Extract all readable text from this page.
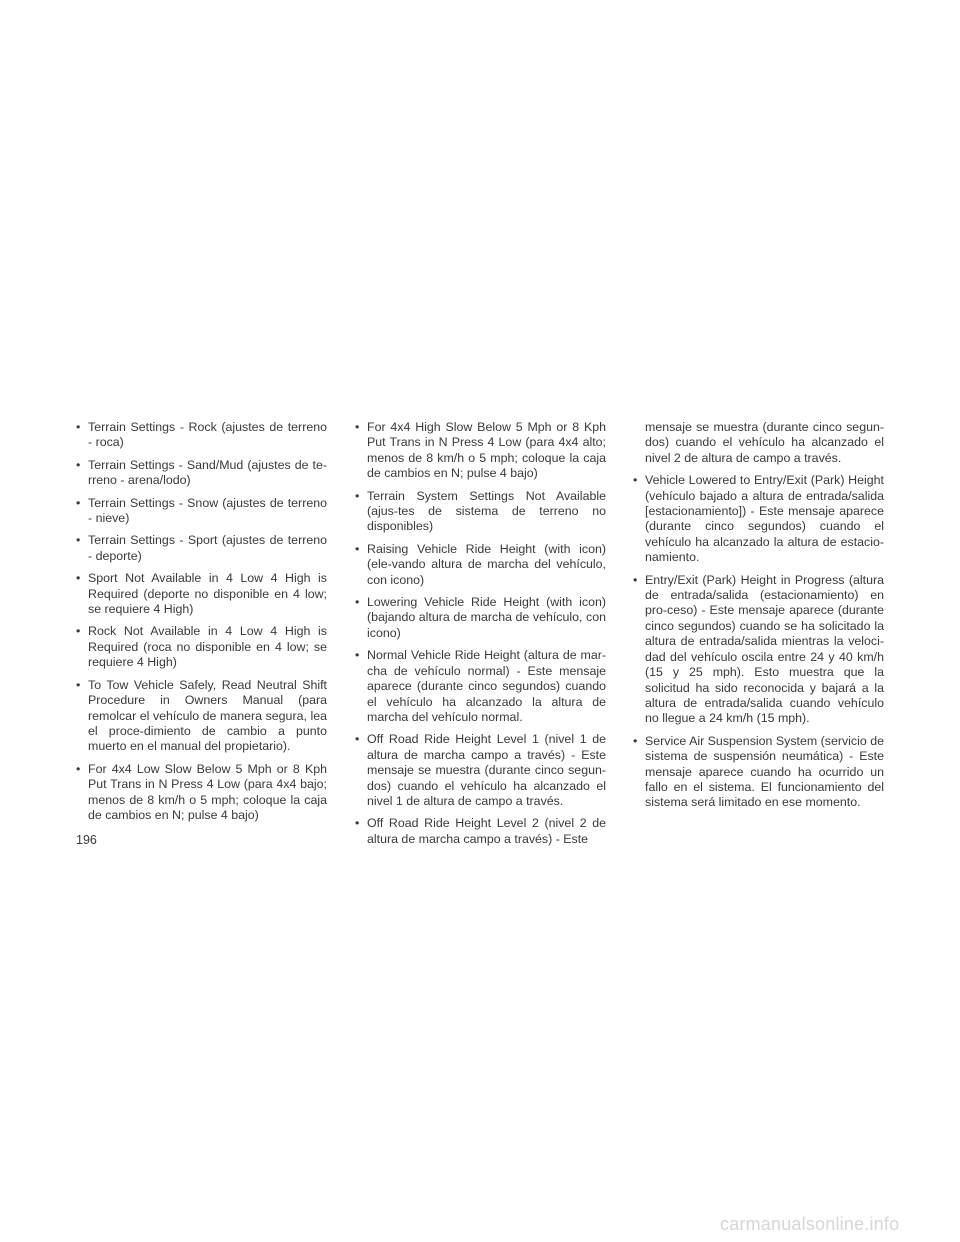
• Terrain Settings - Rock (ajustes de terreno - roca)
• Terrain Settings - Sand/Mud (ajustes de te-rreno - arena/lodo)
• Terrain Settings - Snow (ajustes de terreno - nieve)
• Terrain Settings - Sport (ajustes de terreno - deporte)
• Sport Not Available in 4 Low 4 High is Required (deporte no disponible en 4 low; se requiere 4 High)
• Rock Not Available in 4 Low 4 High is Required (roca no disponible en 4 low; se requiere 4 High)
• To Tow Vehicle Safely, Read Neutral Shift Procedure in Owners Manual (para remolcar el vehículo de manera segura, lea el proce-dimiento de cambio a punto muerto en el manual del propietario).
• For 4x4 Low Slow Below 5 Mph or 8 Kph Put Trans in N Press 4 Low (para 4x4 bajo; menos de 8 km/h o 5 mph; coloque la caja de cambios en N; pulse 4 bajo)
• For 4x4 High Slow Below 5 Mph or 8 Kph Put Trans in N Press 4 Low (para 4x4 alto; menos de 8 km/h o 5 mph; coloque la caja de cambios en N; pulse 4 bajo)
• Terrain System Settings Not Available (ajus-tes de sistema de terreno no disponibles)
• Raising Vehicle Ride Height (with icon) (ele-vando altura de marcha del vehículo, con icono)
• Lowering Vehicle Ride Height (with icon) (bajando altura de marcha de vehículo, con icono)
• Normal Vehicle Ride Height (altura de mar-cha de vehículo normal) - Este mensaje aparece (durante cinco segundos) cuando el vehículo ha alcanzado la altura de marcha del vehículo normal.
• Off Road Ride Height Level 1 (nivel 1 de altura de marcha campo a través) - Este mensaje se muestra (durante cinco segun-dos) cuando el vehículo ha alcanzado el nivel 1 de altura de campo a través.
• Off Road Ride Height Level 2 (nivel 2 de altura de marcha campo a través) - Este
mensaje se muestra (durante cinco segun-dos) cuando el vehículo ha alcanzado el nivel 2 de altura de campo a través.
• Vehicle Lowered to Entry/Exit (Park) Height (vehículo bajado a altura de entrada/salida [estacionamiento]) - Este mensaje aparece (durante cinco segundos) cuando el vehículo ha alcanzado la altura de estacio-namiento.
• Entry/Exit (Park) Height in Progress (altura de entrada/salida (estacionamiento) en pro-ceso) - Este mensaje aparece (durante cinco segundos) cuando se ha solicitado la altura de entrada/salida mientras la veloci-dad del vehículo oscila entre 24 y 40 km/h (15 y 25 mph). Esto muestra que la solicitud ha sido reconocida y bajará a la altura de entrada/salida cuando vehículo no llegue a 24 km/h (15 mph).
• Service Air Suspension System (servicio de sistema de suspensión neumática) - Este mensaje aparece cuando ha ocurrido un fallo en el sistema. El funcionamiento del sistema será limitado en ese momento.
196
carmanualsonline.info
